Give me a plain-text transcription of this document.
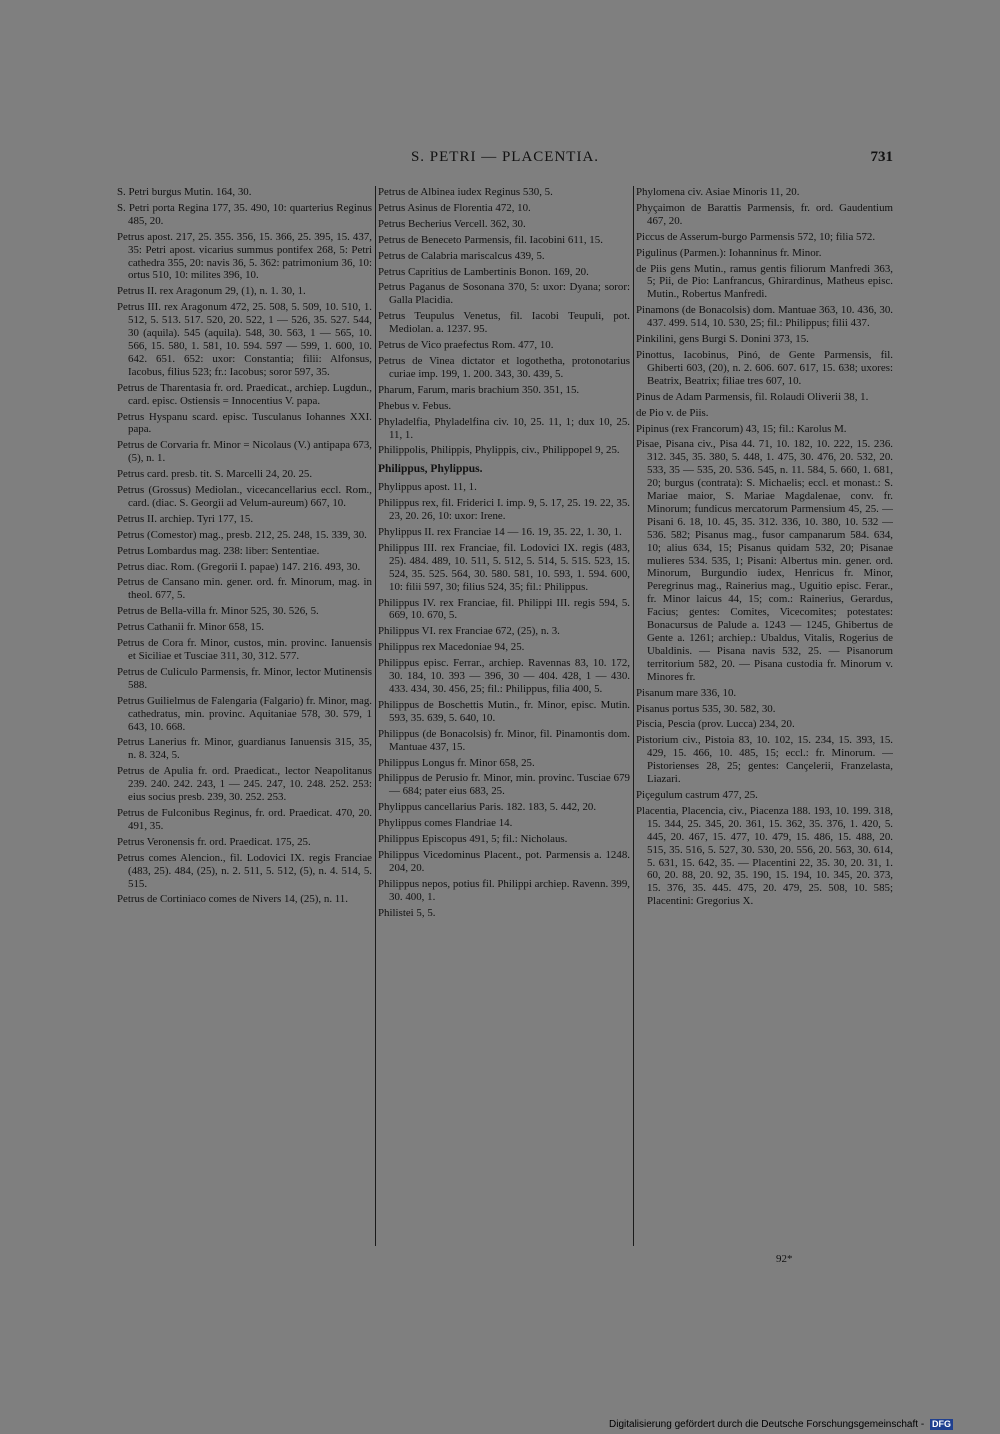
S. PETRI — PLACENTIA.	731
S. Petri burgus Mutin. 164, 30.
S. Petri porta Regina 177, 35. 490, 10: quarterius Reginus 485, 20.
Petrus apost. 217, 25. 355. 356, 15. 366, 25. 395, 15. 437, 35: Petri apost. vicarius summus pontifex 268, 5: Petri cathedra 355, 20: navis 36, 5. 362: patrimonium 36, 10: ortus 510, 10: milites 396, 10.
Petrus II. rex Aragonum 29, (1), n. 1. 30, 1.
Petrus III. rex Aragonum 472, 25. 508, 5. 509, 10. 510, 1. 512, 5. 513. 517. 520, 20. 522, 1 — 526, 35. 527. 544, 30 (aquila). 545 (aquila). 548, 30. 563, 1 — 565, 10. 566, 15. 580, 1. 581, 10. 594. 597 — 599, 1. 600, 10. 642. 651. 652: uxor: Constantia; filii: Alfonsus, Iacobus, filius 523; fr.: Iacobus; soror 597, 35.
Petrus de Tharentasia fr. ord. Praedicat., archiep. Lugdun., card. episc. Ostiensis = Innocentius V. papa.
Petrus Hyspanu scard. episc. Tusculanus Iohannes XXI. papa.
Petrus de Corvaria fr. Minor = Nicolaus (V.) antipapa 673, (5), n. 1.
Petrus card. presb. tit. S. Marcelli 24, 20. 25.
Petrus (Grossus) Mediolan., vicecancellarius eccl. Rom., card. (diac. S. Georgii ad Velum-aureum) 667, 10.
Petrus II. archiep. Tyri 177, 15.
Petrus (Comestor) mag., presb. 212, 25. 248, 15. 339, 30.
Petrus Lombardus mag. 238: liber: Sententiae.
Petrus diac. Rom. (Gregorii I. papae) 147. 216. 493, 30.
Petrus de Cansano min. gener. ord. fr. Minorum, mag. in theol. 677, 5.
Petrus de Bella-villa fr. Minor 525, 30. 526, 5.
Petrus Cathanii fr. Minor 658, 15.
Petrus de Cora fr. Minor, custos, min. provinc. Ianuensis et Siciliae et Tusciae 311, 30, 312. 577.
Petrus de Culiculo Parmensis, fr. Minor, lector Mutinensis 588.
Petrus Guilielmus de Falengaria (Falgario) fr. Minor, mag. cathedratus, min. provinc. Aquitaniae 578, 30. 579, 1 643, 10. 668.
Petrus Lanerius fr. Minor, guardianus Ianuensis 315, 35, n. 8. 324, 5.
Petrus de Apulia fr. ord. Praedicat., lector Neapolitanus 239. 240. 242. 243, 1 — 245. 247, 10. 248. 252. 253: eius socius presb. 239, 30. 252. 253.
Petrus de Fulconibus Reginus, fr. ord. Praedicat. 470, 20. 491, 35.
Petrus Veronensis fr. ord. Praedicat. 175, 25.
Petrus comes Alencion., fil. Lodovici IX. regis Franciae (483, 25). 484, (25), n. 2. 511, 5. 512, (5), n. 4. 514, 5. 515.
Petrus de Cortiniaco comes de Nivers 14, (25), n. 11.
Petrus de Albinea iudex Reginus 530, 5.
Petrus Asinus de Florentia 472, 10.
Petrus Becherius Vercell. 362, 30.
Petrus de Beneceto Parmensis, fil. Iacobini 611, 15.
Petrus de Calabria mariscalcus 439, 5.
Petrus Capritius de Lambertinis Bonon. 169, 20.
Petrus Paganus de Sosonana 370, 5: uxor: Dyana; soror: Galla Placidia.
Petrus Teupulus Venetus, fil. Iacobi Teupuli, pot. Mediolan. a. 1237. 95.
Petrus de Vico praefectus Rom. 477, 10.
Petrus de Vinea dictator et logothetha, protonotarius curiae imp. 199, 1. 200. 343, 30. 439, 5.
Pharum, Farum, maris brachium 350. 351, 15.
Phebus v. Febus.
Phyladelfia, Phyladelfina civ. 10, 25. 11, 1; dux 10, 25. 11, 1.
Philippolis, Philippis, Phylippis, civ., Philippopel 9, 25.
Philippus, Phylippus.
Phylippus apost. 11, 1.
Philippus rex, fil. Friderici I. imp. 9, 5. 17, 25. 19. 22, 35. 23, 20. 26, 10: uxor: Irene.
Phylippus II. rex Franciae 14 — 16. 19, 35. 22, 1. 30, 1.
Philippus III. rex Franciae, fil. Lodovici IX. regis (483, 25). 484. 489, 10. 511, 5. 512, 5. 514, 5. 515. 523, 15. 524, 35. 525. 564, 30. 580. 581, 10. 593, 1. 594. 600, 10: filii 597, 30; filius 524, 35; fil.: Philippus.
Philippus IV. rex Franciae, fil. Philippi III. regis 594, 5. 669, 10. 670, 5.
Philippus VI. rex Franciae 672, (25), n. 3.
Philippus rex Macedoniae 94, 25.
Philippus episc. Ferrar., archiep. Ravennas 83, 10. 172, 30. 184, 10. 393 — 396, 30 — 404. 428, 1 — 430. 433. 434, 30. 456, 25; fil.: Philippus, filia 400, 5.
Philippus de Boschettis Mutin., fr. Minor, episc. Mutin. 593, 35. 639, 5. 640, 10.
Philippus (de Bonacolsis) fr. Minor, fil. Pinamontis dom. Mantuae 437, 15.
Philippus Longus fr. Minor 658, 25.
Philippus de Perusio fr. Minor, min. provinc. Tusciae 679 — 684; pater eius 683, 25.
Phylippus cancellarius Paris. 182. 183, 5. 442, 20.
Phylippus comes Flandriae 14.
Philippus Episcopus 491, 5; fil.: Nicholaus.
Philippus Vicedominus Placent., pot. Parmensis a. 1248. 204, 20.
Philippus nepos, potius fil. Philippi archiep. Ravenn. 399, 30. 400, 1.
Philistei 5, 5.
Phylomena civ. Asiae Minoris 11, 20.
Phyçaimon de Barattis Parmensis, fr. ord. Gaudentium 467, 20.
Piccus de Asserum-burgo Parmensis 572, 10; filia 572.
Pigulinus (Parmen.): Iohanninus fr. Minor.
de Piis gens Mutin., ramus gentis filiorum Manfredi 363, 5; Pii, de Pio: Lanfrancus, Ghirardinus, Matheus episc. Mutin., Robertus Manfredi.
Pinamons (de Bonacolsis) dom. Mantuae 363, 10. 436, 30. 437. 499. 514, 10. 530, 25; fil.: Philippus; filii 437.
Pinkilini, gens Burgi S. Donini 373, 15.
Pinottus, Iacobinus, Pinó, de Gente Parmensis, fil. Ghiberti 603, (20), n. 2. 606. 607. 617, 15. 638; uxores: Beatrix, Beatrix; filiae tres 607, 10.
Pinus de Adam Parmensis, fil. Rolaudi Oliverii 38, 1.
de Pio v. de Piis.
Pipinus (rex Francorum) 43, 15; fil.: Karolus M.
Pisae, Pisana civ., Pisa 44. 71, 10. 182, 10. 222, 15. 236. 312. 345, 35. 380, 5. 448, 1. 475, 30. 476, 20. 532, 20. 533, 35 — 535, 20. 536. 545, n. 11. 584, 5. 660, 1. 681, 20; burgus (contrata): S. Michaelis; eccl. et monast.: S. Mariae maior, S. Mariae Magdalenae, conv. fr. Minorum; fundicus mercatorum Parmensium 45, 25. — Pisani 6. 18, 10. 45, 35. 312. 336, 10. 380, 10. 532 — 536. 582; Pisanus mag., fusor campanarum 584. 634, 10; alius 634, 15; Pisanus quidam 532, 20; Pisanae mulieres 534. 535, 1; Pisani: Albertus min. gener. ord. Minorum, Burgundio iudex, Henricus fr. Minor, Peregrinus mag., Rainerius mag., Uguitio episc. Ferar., fr. Minor laicus 44, 15; com.: Rainerius, Gerardus, Facius; gentes: Comites, Vicecomites; potestates: Bonacursus de Palude a. 1243 — 1245, Ghibertus de Gente a. 1261; archiep.: Ubaldus, Vitalis, Rogerius de Ubaldinis. — Pisana navis 532, 25. — Pisanorum territorium 582, 20. — Pisana custodia fr. Minorum v. Minores fr.
Pisanum mare 336, 10.
Pisanus portus 535, 30. 582, 30.
Piscia, Pescia (prov. Lucca) 234, 20.
Pistorium civ., Pistoia 83, 10. 102, 15. 234, 15. 393, 15. 429, 15. 466, 10. 485, 15; eccl.: fr. Minorum. — Pistorienses 28, 25; gentes: Cançelerii, Franzelasta, Liazari.
Piçegulum castrum 477, 25.
Placentia, Placencia, civ., Piacenza 188. 193, 10. 199. 318, 15. 344, 25. 345, 20. 361, 15. 362, 35. 376, 1. 420, 5. 445, 20. 467, 15. 477, 10. 479, 15. 486, 15. 488, 20. 515, 35. 516, 5. 527, 30. 530, 20. 556, 20. 563, 30. 614, 5. 631, 15. 642, 35. — Placentini 22, 35. 30, 20. 31, 1. 60, 20. 88, 20. 92, 35. 190, 15. 194, 10. 345, 20. 373, 15. 376, 35. 445. 475, 20. 479, 25. 508, 10. 585; Placentini: Gregorius X.
92*
Digitalisierung gefördert durch die Deutsche Forschungsgemeinschaft - DFG
